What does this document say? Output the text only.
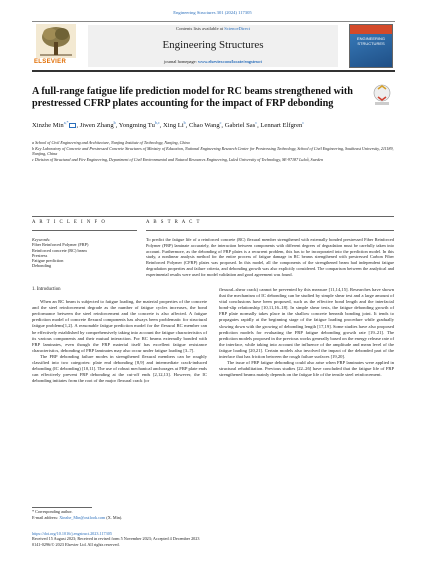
Engineering Structures 301 (2024) 117305
ELSEVIER
Contents lists available at ScienceDirect
Engineering Structures
journal homepage: www.elsevier.com/locate/engstruct
ENGINEERING STRUCTURES
A full-range fatigue life prediction model for RC beams strengthened with prestressed CFRP plates accounting for the impact of FRP debonding
Xinzhe Min$^{a,*}$ , Jiwen Zhang$^b$, Yongming Tu$^{b,c}$, Xing Li$^b$, Chao Wang$^c$, Gabriel Sas$^c$, Lennart Elfgren$^c$

a School of Civil Engineering and Architecture, Nanjing Institute of Technology, Nanjing, China

b Key Laboratory of Concrete and Prestressed Concrete Structures of Ministry of Education, National Engineering Research Center for Prestressing Technology, School of Civil Engineering, Southeast University, 211189, Nanjing, China

c Division of Structural and Fire Engineering, Department of Civil Environmental and Natural Resources Engineering, Luleå University of Technology, SE-97187 Luleå, Sweden

A R T I C L E I N F O	A B S T R A C T
Keywords:
Fiber Reinforced Polymer (FRP)
Reinforced concrete (RC) beam
Prestress
Fatigue prediction
Debonding
To predict the fatigue life of a reinforced concrete (RC) flexural member strengthened with externally bonded prestressed Fiber Reinforced Polymer (FRP) laminate accurately, the interaction between components with different degrees of degradation must be carefully taken into account. Furthermore, as the debonding of FRP plates is a recurrent problem, this has to be incorporated into the prediction model. In this study, a nonlinear analysis method for the entire process of fatigue damage in RC beams strengthened with prestressed Carbon Fiber Reinforced Polymer (CFRP) plates was proposed. In this model, all the components of the strengthened beam had independent fatigue degradation properties and failure criteria, and debonding growth was also explicitly considered. The comparison between the analytical and experimental results were used for model validation and good agreement was found.
1. Introduction

When an RC beam is subjected to fatigue loading, the material properties of the concrete and the steel reinforcement degrade as the number of fatigue cycles increases, the bond performance between the steel reinforcement and the concrete is also affected. A fatigue prediction model of concrete flexural components has always been problematic for structural fatigue problems[1,2]. A reasonable fatigue prediction model for the flexural RC member can be effectively established by comprehensively taking into account the fatigue characteristics of its various components and their mutual interaction. For RC beams externally bonded with FRP laminates, even though the FRP material itself has excellent fatigue resistance characteristics, debonding of FRP laminates may also occur under fatigue loading [3–7].

The FRP debonding failure modes in strengthened flexural members can be roughly classified into two categories: plate end debonding [8,9] and intermediate crack-induced debonding (IC debonding) [10,11]. The use of robust mechanical anchorages at FRP plate ends can effectively prevent FRP debonding at the cut-off ends [2,12,13]. However, the IC debonding initiates from the root of the major flexural crack (or

flexural–shear crack) cannot be prevented by this measure [11,14,15]. Researches have shown that the mechanism of IC debonding can be studied by simple shear test and a large amount of vital conclusions have been proposed, such as the effective bond length and the interfacial bond-slip relationship [10,11,16–18]. In simple shear tests, the fatigue debonding growth of FRP plate normally takes place in the shallow concrete beneath bonding joint. It tends to propagates rapidly at the beginning stage of the fatigue loading procedure while gradually slowing down with the growing of debonding length [17,19]. Some studies have also proposed prediction models for evaluating the FRP fatigue debonding growth rate [19–21]. The prediction models proposed in the previous works generally based on the energy release rate of the interface, while taking into account the influence of the amplitude and mean level of the fatigue loading [20,21]. Certain models also involved the impact of the debonded part of the interface that has friction between the rough failure surfaces [19,20].

The issue of FRP fatigue debonding could also arise when FRP laminates were applied in structural rehabilitation. Previous studies [22–26] have concluded that the fatigue life of FRP strengthened beams mainly depends on the fatigue life of the tensile steel reinforcement.

* Corresponding author.
E-mail address: Xinzhe_Min@outlook.com (X. Min).
https://doi.org/10.1016/j.engstruct.2023.117305
Received 15 August 2023; Received in revised form 5 November 2023; Accepted 4 December 2023
0141-0296/© 2023 Elsevier Ltd. All rights reserved.
